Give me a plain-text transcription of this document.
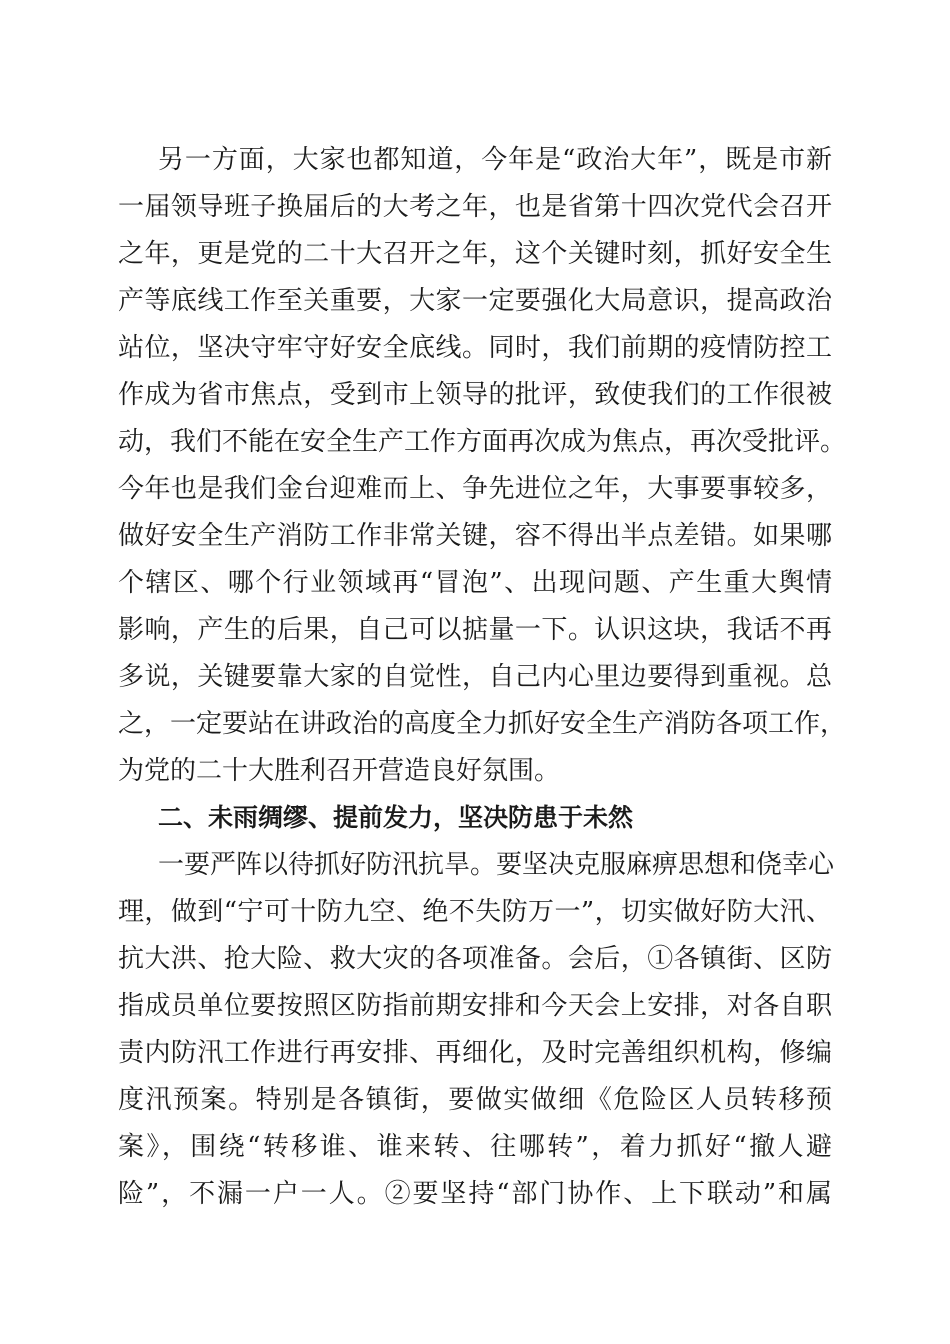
另一方面，大家也都知道，今年是“政治大年”，既是市新
一届领导班子换届后的大考之年，也是省第十四次党代会召开
之年，更是党的二十大召开之年，这个关键时刻，抓好安全生
产等底线工作至关重要，大家一定要强化大局意识，提高政治
站位，坚决守牢守好安全底线。同时，我们前期的疫情防控工
作成为省市焦点，受到市上领导的批评，致使我们的工作很被
动，我们不能在安全生产工作方面再次成为焦点，再次受批评。
今年也是我们金台迎难而上、争先进位之年，大事要事较多，
做好安全生产消防工作非常关键，容不得出半点差错。如果哪
个辖区、哪个行业领域再“冒泡”、出现问题、产生重大舆情
影响，产生的后果，自己可以掂量一下。认识这块，我话不再
多说，关键要靠大家的自觉性，自己内心里边要得到重视。总
之，一定要站在讲政治的高度全力抓好安全生产消防各项工作，
为党的二十大胜利召开营造良好氛围。
二、未雨绸缪、提前发力，坚决防患于未然
一要严阵以待抓好防汛抗旱。要坚决克服麻痹思想和侥幸心
理，做到“宁可十防九空、绝不失防万一”，切实做好防大汛、
抗大洪、抢大险、救大灾的各项准备。会后，①各镇街、区防
指成员单位要按照区防指前期安排和今天会上安排，对各自职
责内防汛工作进行再安排、再细化，及时完善组织机构，修编
度汛预案。特别是各镇街，要做实做细《危险区人员转移预
案》，围绕“转移谁、谁来转、往哪转”，着力抓好“撤人避
险”，不漏一户一人。②要坚持“部门协作、上下联动”和属
